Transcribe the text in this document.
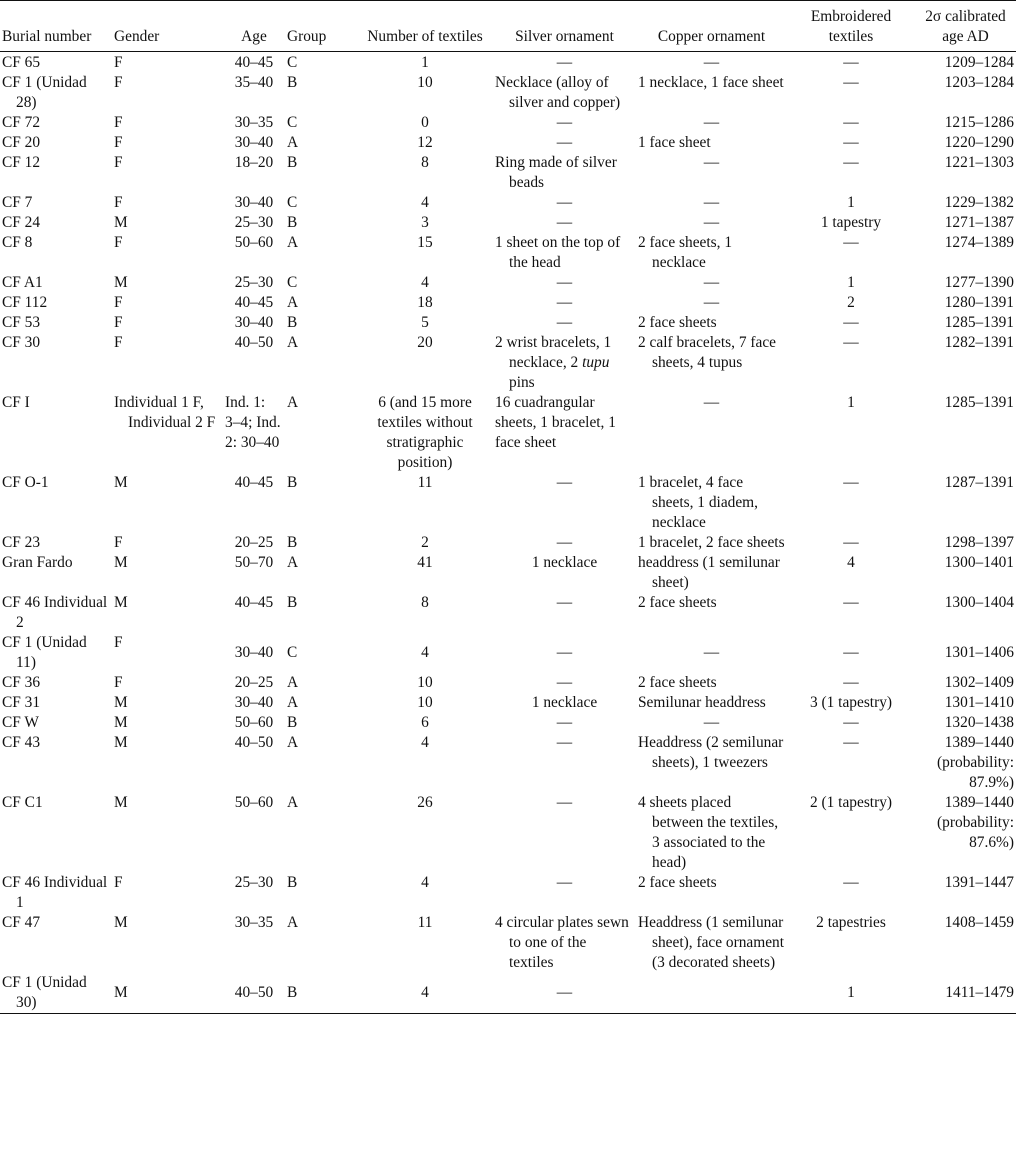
Burial number	Gender	Age	Group	Number of textiles	Silver ornament	Copper ornament	Embroidered textiles	2σ calibrated age AD
CF 65	F	40–45	C	1	—	—	—	1209–1284
CF 1 (Unidad 28)	F	35–40	B	10	Necklace (alloy of silver and copper)	1 necklace, 1 face sheet	—	1203–1284
CF 72	F	30–35	C	0	—	—	—	1215–1286
CF 20	F	30–40	A	12	—	1 face sheet	—	1220–1290
CF 12	F	18–20	B	8	Ring made of silver beads	—	—	1221–1303
CF 7	F	30–40	C	4	—	—	1	1229–1382
CF 24	M	25–30	B	3	—	—	1 tapestry	1271–1387
CF 8	F	50–60	A	15	1 sheet on the top of the head	2 face sheets, 1 necklace	—	1274–1389
CF A1	M	25–30	C	4	—	—	1	1277–1390
CF 112	F	40–45	A	18	—	—	2	1280–1391
CF 53	F	30–40	B	5	—	2 face sheets	—	1285–1391
CF 30	F	40–50	A	20	2 wrist bracelets, 1 necklace, 2 tupu pins	2 calf bracelets, 7 face sheets, 4 tupus	—	1282–1391
CF I	Individual 1 F, Individual 2 F	Ind. 1: 3–4; Ind. 2: 30–40	A	6 (and 15 more textiles without stratigraphic position)	16 cuadrangular sheets, 1 bracelet, 1 face sheet	—	1	1285–1391
CF O-1	M	40–45	B	11	—	1 bracelet, 4 face sheets, 1 diadem, necklace	—	1287–1391
CF 23	F	20–25	B	2	—	1 bracelet, 2 face sheets	—	1298–1397
Gran Fardo	M	50–70	A	41	1 necklace	headdress (1 semilunar sheet)	4	1300–1401
CF 46 Individual 2	M	40–45	B	8	—	2 face sheets	—	1300–1404
CF 1 (Unidad 11)	F	30–40	C	4	—	—	—	1301–1406
CF 36	F	20–25	A	10	—	2 face sheets	—	1302–1409
CF 31	M	30–40	A	10	1 necklace	Semilunar headdress	3 (1 tapestry)	1301–1410
CF W	M	50–60	B	6	—	—	—	1320–1438
CF 43	M	40–50	A	4	—	Headdress (2 semilunar sheets), 1 tweezers	—	1389–1440 (probability: 87.9%)
CF C1	M	50–60	A	26	—	4 sheets placed between the textiles, 3 associated to the head)	2 (1 tapestry)	1389–1440 (probability: 87.6%)
CF 46 Individual 1	F	25–30	B	4	—	2 face sheets	—	1391–1447
CF 47	M	30–35	A	11	4 circular plates sewn to one of the textiles	Headdress (1 semilunar sheet), face ornament (3 decorated sheets)	2 tapestries	1408–1459
CF 1 (Unidad 30)	M	40–50	B	4	—		1	1411–1479
